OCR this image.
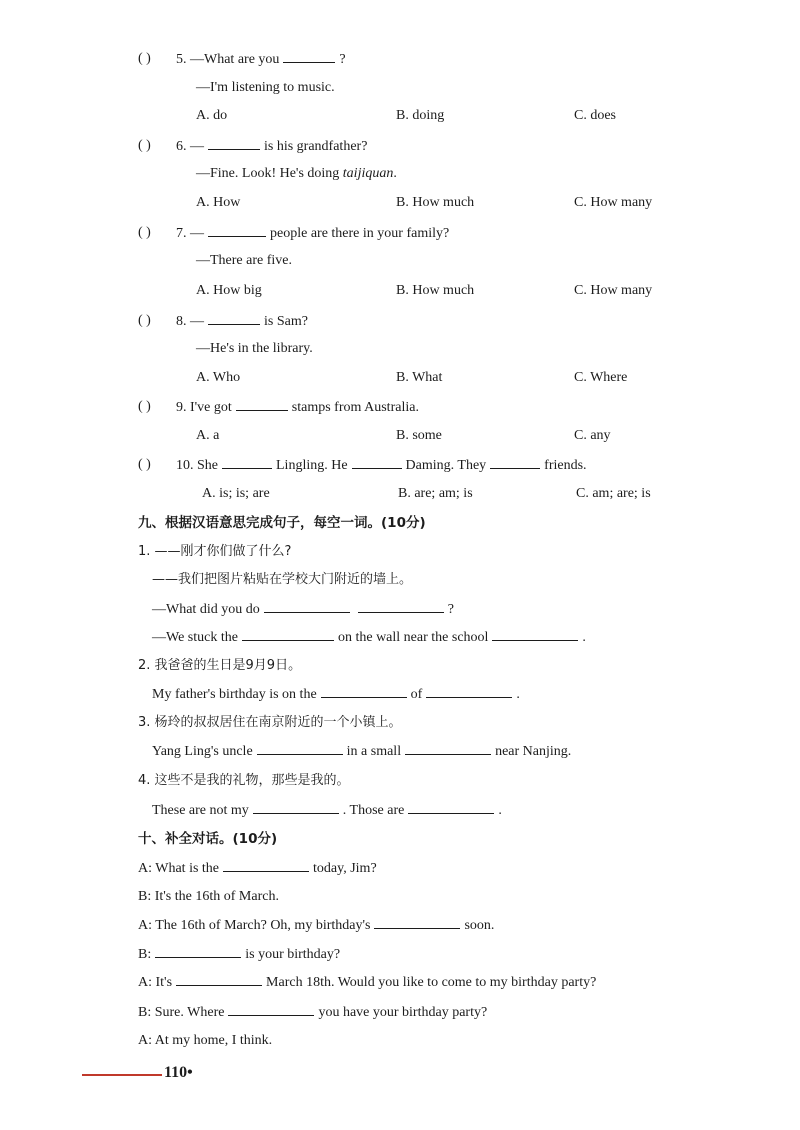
( ) 5. —What are you	?
—I'm listening to music.
A. do	B. doing	C. does
( ) 6. —	is his grandfather?
—Fine. Look! He's doing taijiquan.
A. How	B. How much	C. How many
( ) 7. —	people are there in your family?
—There are five.
A. How big	B. How much	C. How many
( ) 8. —	is Sam?
—He's in the library.
A. Who	B. What	C. Where
( ) 9. I've got	stamps from Australia.
A. a	B. some	C. any
( ) 10. She	Lingling. He	Daming. They	friends.
A. is; is; are	B. are; am; is	C. am; are; is
九、根据汉语意思完成句子，每空一词。(10分)
1. ——刚才你们做了什么?
——我们把图片粘贴在学校大门附近的墙上。
—What did you do	?
—We stuck the	on the wall near the school	.
2. 我爸爸的生日是9月9日。
My father's birthday is on the	of	.
3. 杨玲的叔叔居住在南京附近的一个小镇上。
Yang Ling's uncle	in a small	near Nanjing.
4. 这些不是我的礼物，那些是我的。
These are not my	. Those are	.
十、补全对话。(10分)
A: What is the	today, Jim?
B: It's the 16th of March.
A: The 16th of March? Oh, my birthday's	soon.
B:	is your birthday?
A: It's	March 18th. Would you like to come to my birthday party?
B: Sure. Where	you have your birthday party?
A: At my home, I think.
110•
